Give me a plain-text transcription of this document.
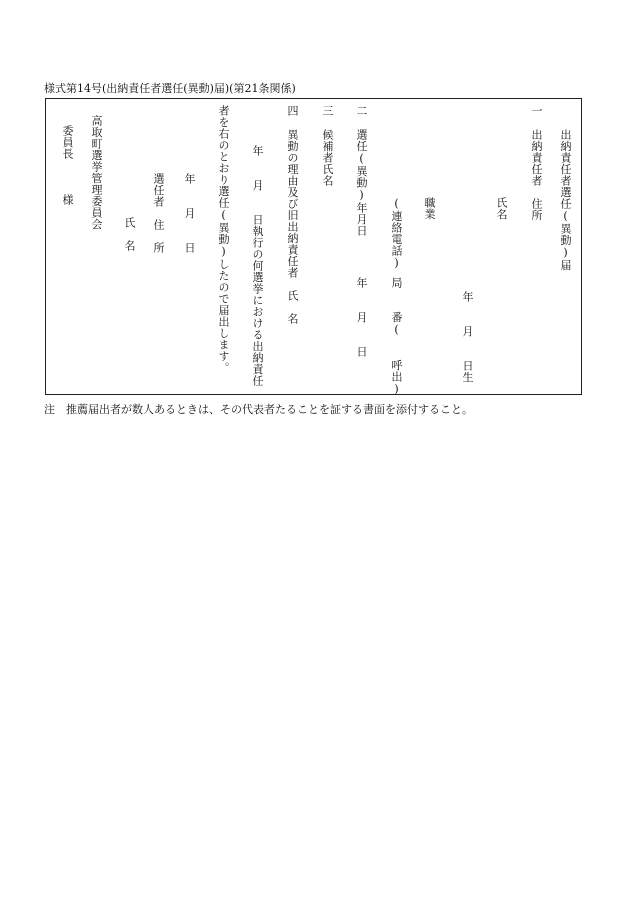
様式第14号(出納責任者選任(異動)届)(第21条関係)
出納責任者選任(異動)届
一
出納責任者　住所
氏名
年　　月　　日生
職業
(連絡電話)
局　　番(　　呼出)
二
選任(異動)年月日
年　　月　　日
三
候補者氏名
四
異動の理由及び旧出納責任者　氏　名
年　　月　　日執行の何選挙における出納責任
者を右のとおり選任(異動)したので届出します。
年　　月　　日
選任者　住　所
氏　名
高取町選挙管理委員会
委員長　　　様
注　推薦届出者が数人あるときは、その代表者たることを証する書面を添付すること。
